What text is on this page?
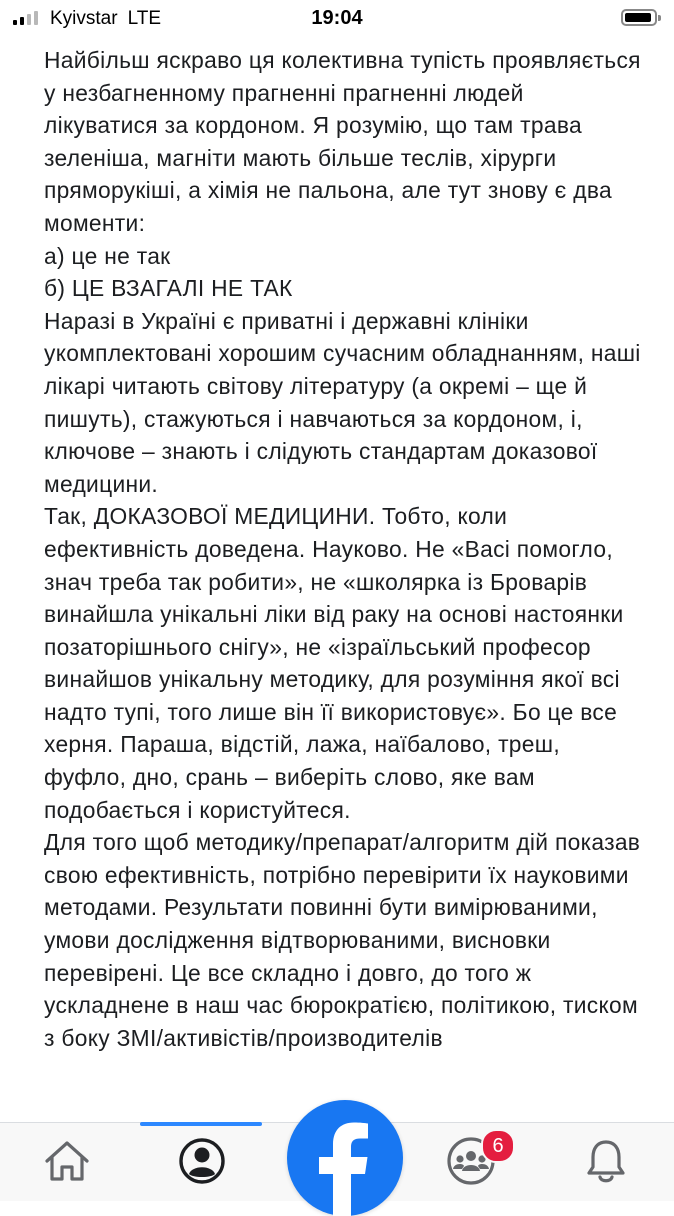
Kyivstar LTE	19:04

Найбільш яскраво ця колективна тупість проявляється у незбагненному прагненні прагненні людей лікуватися за кордоном. Я розумію, що там трава зеленіша, магніти мають більше теслів, хірурги пряморукіші, а хімія не пальона, але тут знову є два моменти:

а) це не так

б) ЦЕ ВЗАГАЛІ НЕ ТАК

Наразі в Україні є приватні і державні клініки укомплектовані хорошим сучасним обладнанням, наші лікарі читають світову літературу (а окремі – ще й пишуть), стажуються і навчаються за кордоном, і, ключове – знають і слідують стандартам доказової медицини.

Так, ДОКАЗОВОЇ МЕДИЦИНИ. Тобто, коли ефективність доведена. Науково. Не «Васі помогло, знач треба так робити», не «школярка із Броварів винайшла унікальні ліки від раку на основі настоянки позаторішнього снігу», не «ізраїльський професор винайшов унікальну методику, для розуміння якої всі надто тупі, того лише він її використовує». Бо це все херня. Параша, відстій, лажа, наїбалово, треш, фуфло, дно, срань – виберіть слово, яке вам подобається і користуйтеся.

Для того щоб методику/препарат/алгоритм дій показав свою ефективність, потрібно перевірити їх науковими методами. Результати повинні бути вимірюваними, умови дослідження відтворюваними, висновки перевірені. Це все складно і довго, до того ж ускладнене в наш час бюрократією, політикою, тиском з боку ЗМІ/активістів/производителів

6
